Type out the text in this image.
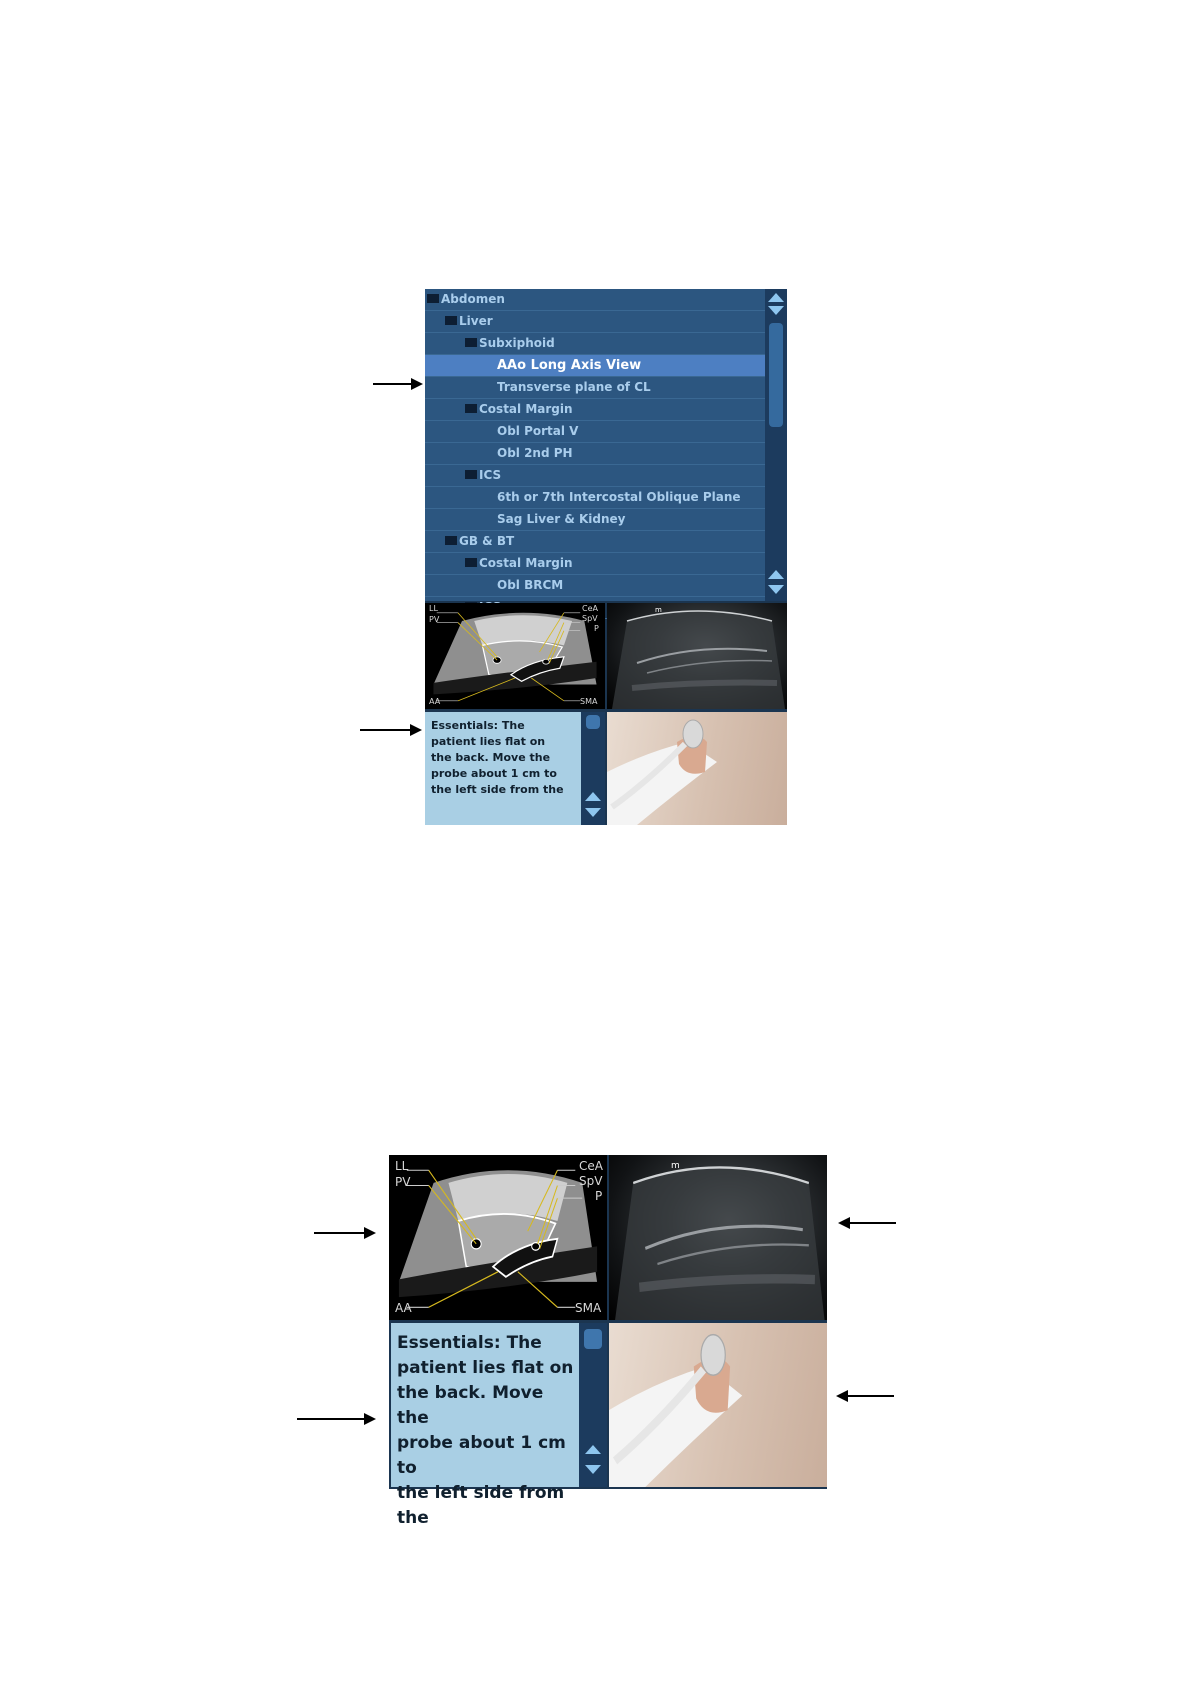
Abdomen
Liver
Subxiphoid
AAo Long Axis View
Transverse plane of CL
Costal Margin
Obl Portal V
Obl 2nd PH
ICS
6th or 7th Intercostal Oblique Plane
Sag Liver & Kidney
GB & BT
Costal Margin
Obl BRCM
LL
PV
CeA
SpV
P
AA	SMA
m
Essentials: The
patient lies flat on
the back. Move the
probe about 1 cm to
the left side from the
LL
PV
CeA
SpV
P
AA	SMA
m
Essentials: The
patient lies flat on
the back. Move the
probe about 1 cm to
the left side from the
